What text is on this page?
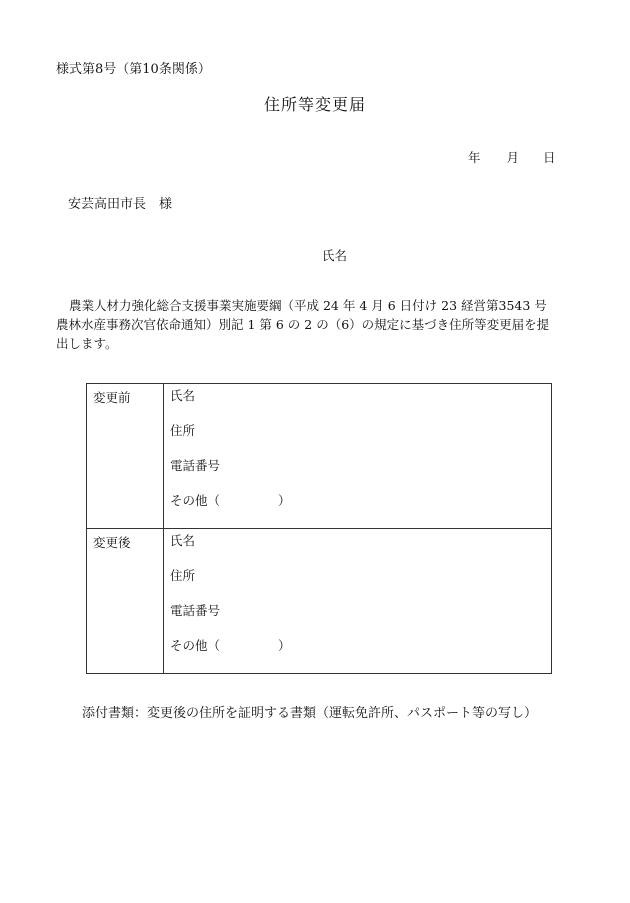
様式第8号（第10条関係）
住所等変更届
年 月 日
安芸高田市長　様
氏名
農業人材力強化総合支援事業実施要綱（平成 24 年 4 月 6 日付け 23 経営第3543 号
農林水産事務次官依命通知）別記 1 第 6 の 2 の（6）の規定に基づき住所等変更届を提
出します。
変更前	氏名
住所
電話番号
その他（ ）

変更後	氏名
住所
電話番号
その他（ ）
添付書類：変更後の住所を証明する書類（運転免許所、パスポート等の写し）
